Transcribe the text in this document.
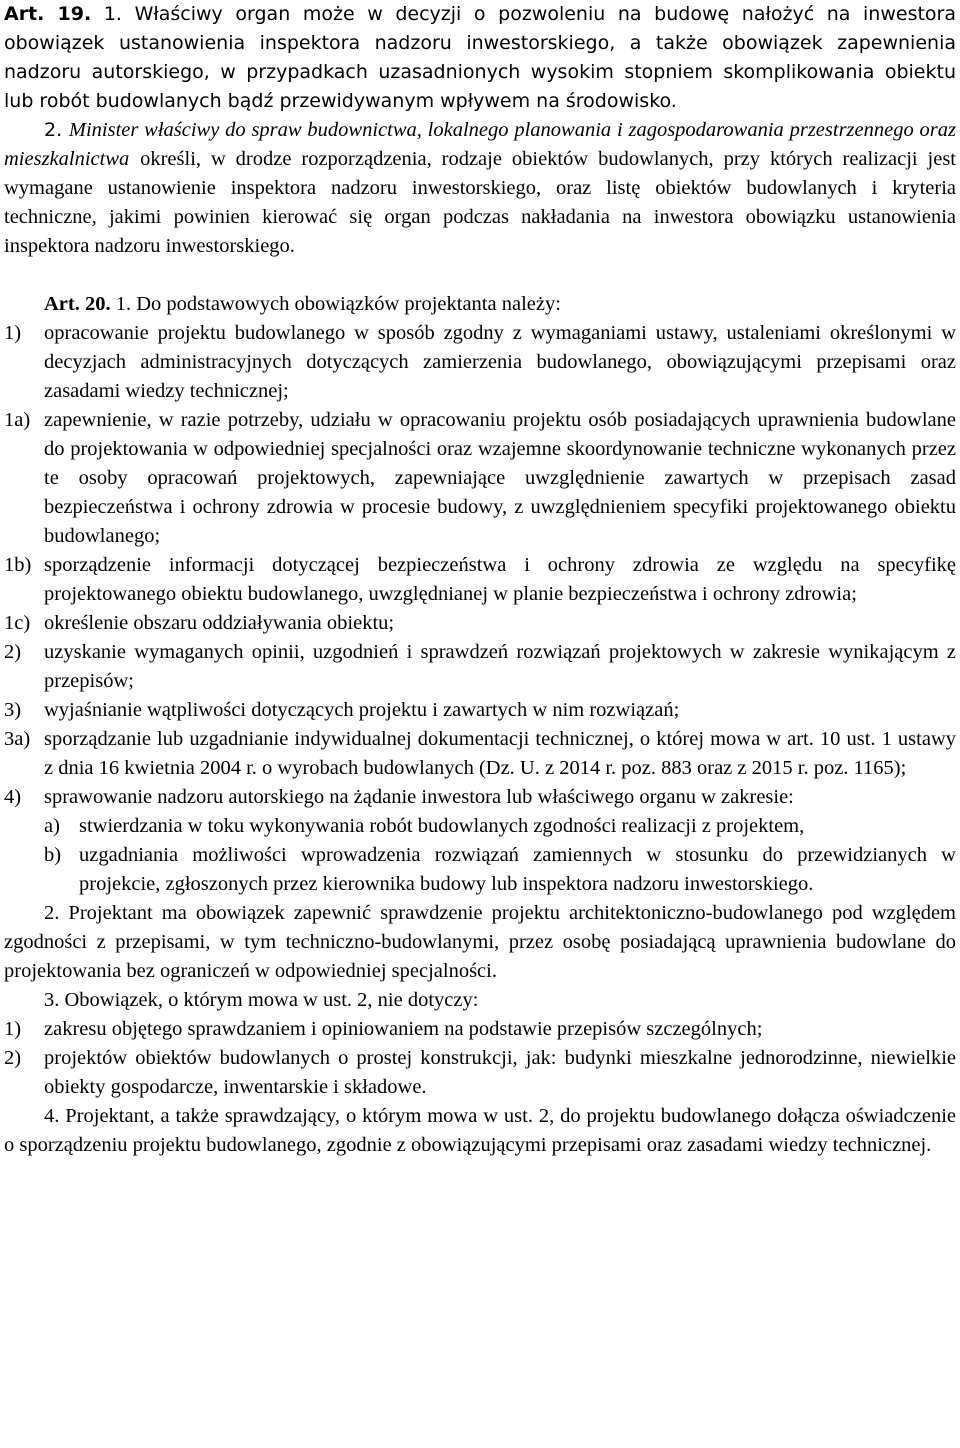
Art. 19. 1. Właściwy organ może w decyzji o pozwoleniu na budowę nałożyć na inwestora obowiązek ustanowienia inspektora nadzoru inwestorskiego, a także obowiązek zapewnienia nadzoru autorskiego, w przypadkach uzasadnionych wysokim stopniem skomplikowania obiektu lub robót budowlanych bądź przewidywanym wpływem na środowisko.

2. Minister właściwy do spraw budownictwa, lokalnego planowania i zagospodarowania przestrzennego oraz mieszkalnictwa określi, w drodze rozporządzenia, rodzaje obiektów budowlanych, przy których realizacji jest wymagane ustanowienie inspektora nadzoru inwestorskiego, oraz listę obiektów budowlanych i kryteria techniczne, jakimi powinien kierować się organ podczas nakładania na inwestora obowiązku ustanowienia inspektora nadzoru inwestorskiego.

Art. 20. 1. Do podstawowych obowiązków projektanta należy:

1)	opracowanie projektu budowlanego w sposób zgodny z wymaganiami ustawy, ustaleniami określonymi w decyzjach administracyjnych dotyczących zamierzenia budowlanego, obowiązującymi przepisami oraz zasadami wiedzy technicznej;
1a) zapewnienie, w razie potrzeby, udziału w opracowaniu projektu osób posiadających uprawnienia budowlane do projektowania w odpowiedniej specjalności oraz wzajemne skoordynowanie techniczne wykonanych przez te osoby opracowań projektowych, zapewniające uwzględnienie zawartych w przepisach zasad bezpieczeństwa i ochrony zdrowia w procesie budowy, z uwzględnieniem specyfiki projektowanego obiektu budowlanego;
1b) sporządzenie informacji dotyczącej bezpieczeństwa i ochrony zdrowia ze względu na specyfikę projektowanego obiektu budowlanego, uwzględnianej w planie bezpieczeństwa i ochrony zdrowia;
1c) określenie obszaru oddziaływania obiektu;
2)	uzyskanie wymaganych opinii, uzgodnień i sprawdzeń rozwiązań projektowych w zakresie wynikającym z przepisów;
3)	wyjaśnianie wątpliwości dotyczących projektu i zawartych w nim rozwiązań;
3a) sporządzanie lub uzgadnianie indywidualnej dokumentacji technicznej, o której mowa w art. 10 ust. 1 ustawy z dnia 16 kwietnia 2004 r. o wyrobach budowlanych (Dz. U. z 2014 r. poz. 883 oraz z 2015 r. poz. 1165);
4)	sprawowanie nadzoru autorskiego na żądanie inwestora lub właściwego organu w zakresie:
a) stwierdzania w toku wykonywania robót budowlanych zgodności realizacji z projektem,
b) uzgadniania możliwości wprowadzenia rozwiązań zamiennych w stosunku do przewidzianych w projekcie, zgłoszonych przez kierownika budowy lub inspektora nadzoru inwestorskiego.

2. Projektant ma obowiązek zapewnić sprawdzenie projektu architektoniczno-budowlanego pod względem zgodności z przepisami, w tym techniczno-budowlanymi, przez osobę posiadającą uprawnienia budowlane do projektowania bez ograniczeń w odpowiedniej specjalności.

3. Obowiązek, o którym mowa w ust. 2, nie dotyczy:

1)	zakresu objętego sprawdzaniem i opiniowaniem na podstawie przepisów szczególnych;
2)	projektów obiektów budowlanych o prostej konstrukcji, jak: budynki mieszkalne jednorodzinne, niewielkie obiekty gospodarcze, inwentarskie i składowe.

4. Projektant, a także sprawdzający, o którym mowa w ust. 2, do projektu budowlanego dołącza oświadczenie o sporządzeniu projektu budowlanego, zgodnie z obowiązującymi przepisami oraz zasadami wiedzy technicznej.
